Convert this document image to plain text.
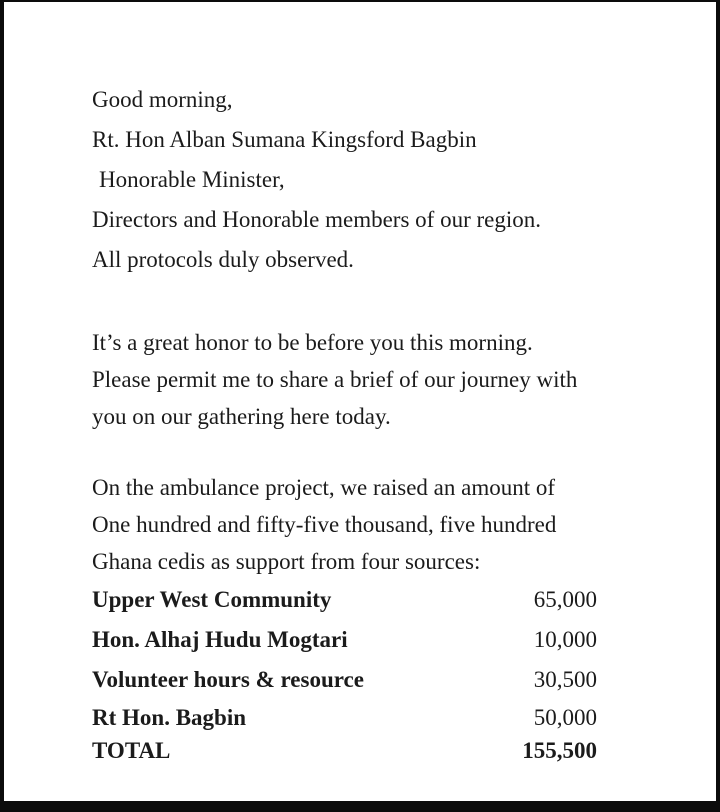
Good morning,
Rt. Hon Alban Sumana Kingsford Bagbin
Honorable Minister,
Directors and Honorable members of our region.
All protocols duly observed.
It’s a great honor to be before you this morning.
Please permit me to share a brief of our journey with
you on our gathering here today.
On the ambulance project, we raised an amount of
One hundred and fifty-five thousand, five hundred
Ghana cedis as support from four sources:
Upper West Community	65,000
Hon. Alhaj Hudu Mogtari	10,000
Volunteer hours & resource	30,500
Rt Hon. Bagbin	50,000
TOTAL	155,500
